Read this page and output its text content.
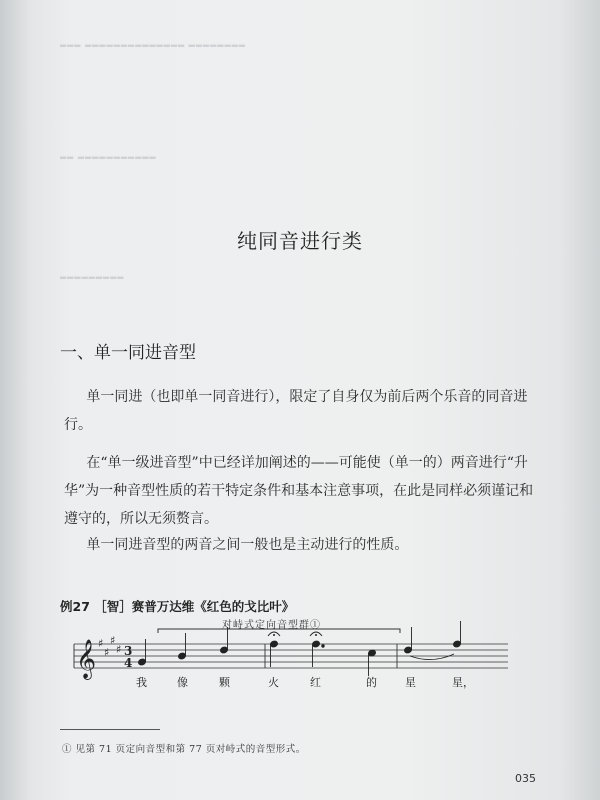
▂▂▂ ▂▂▂▂▂▂▂▂▂▂▂▂▂▂ ▂▂▂▂▂▂▂▂
▂▂ ▂▂▂▂▂▂▂▂▂▂▂
▂▂▂▂▂▂▂▂▂
纯同音进行类
一、单一同进音型

单一同进（也即单一同音进行），限定了自身仅为前后两个乐音的同音进行。

在“单一级进音型”中已经详加阐述的——可能使（单一的）两音进行“升华”为一种音型性质的若干特定条件和基本注意事项，在此是同样必须谨记和遵守的，所以无须赘言。

单一同进音型的两音之间一般也是主动进行的性质。

例27 ［智］赛普万达维《红色的戈比叶》
对峙式定向音型群①
𝄞 ♯
♯
♯
♯ 3
4
我	像	颗	火	红	的	星	星，
① 见第 71 页定向音型和第 77 页对峙式的音型形式。
035
